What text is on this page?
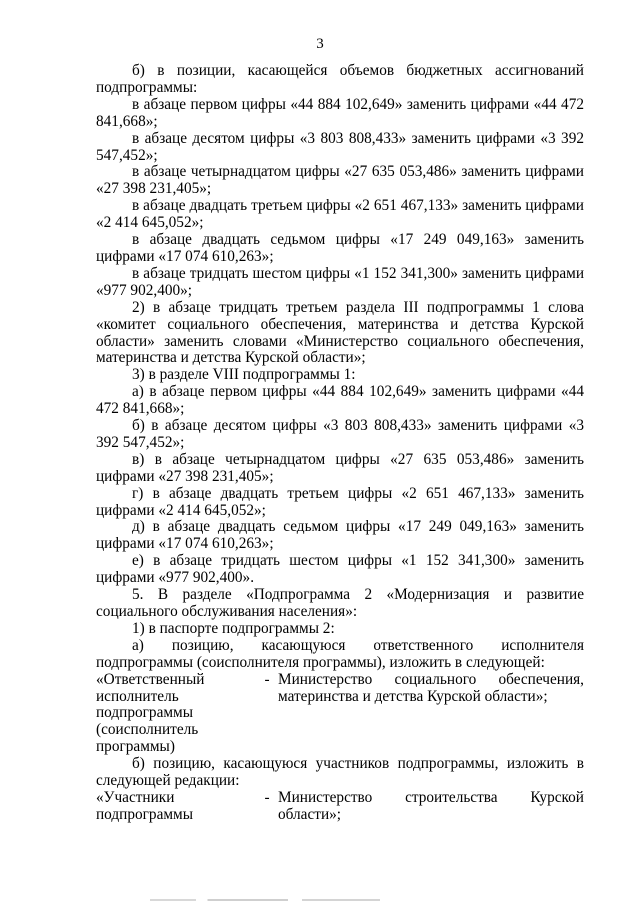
3

б) в позиции, касающейся объемов бюджетных ассигнований подпрограммы:

в абзаце первом цифры «44 884 102,649» заменить цифрами «44 472 841,668»;

в абзаце десятом цифры «3 803 808,433» заменить цифрами «3 392 547,452»;

в абзаце четырнадцатом цифры «27 635 053,486» заменить цифрами «27 398 231,405»;

в абзаце двадцать третьем цифры «2 651 467,133» заменить цифрами «2 414 645,052»;

в абзаце двадцать седьмом цифры «17 249 049,163» заменить цифрами «17 074 610,263»;

в абзаце тридцать шестом цифры «1 152 341,300» заменить цифрами «977 902,400»;

2) в абзаце тридцать третьем раздела III подпрограммы 1 слова «комитет социального обеспечения, материнства и детства Курской области» заменить словами «Министерство социального обеспечения, материнства и детства Курской области»;

3) в разделе VIII подпрограммы 1:

а) в абзаце первом цифры «44 884 102,649» заменить цифрами «44 472 841,668»;

б) в абзаце десятом цифры «3 803 808,433» заменить цифрами «3 392 547,452»;

в) в абзаце четырнадцатом цифры «27 635 053,486» заменить цифрами «27 398 231,405»;

г) в абзаце двадцать третьем цифры «2 651 467,133» заменить цифрами «2 414 645,052»;

д) в абзаце двадцать седьмом цифры «17 249 049,163» заменить цифрами «17 074 610,263»;

е) в абзаце тридцать шестом цифры «1 152 341,300» заменить цифрами «977 902,400».

5. В разделе «Подпрограмма 2 «Модернизация и развитие социального обслуживания населения»:

1) в паспорте подпрограммы 2:

а) позицию, касающуюся ответственного исполнителя подпрограммы (соисполнителя программы), изложить в следующей:

«Ответственный
исполнитель
подпрограммы
(соисполнитель
программы)
- Министерство социального обеспечения, материнства и детства Курской области»;

б) позицию, касающуюся участников подпрограммы, изложить в следующей редакции:

«Участники
подпрограммы
- Министерство строительства Курской области»;
